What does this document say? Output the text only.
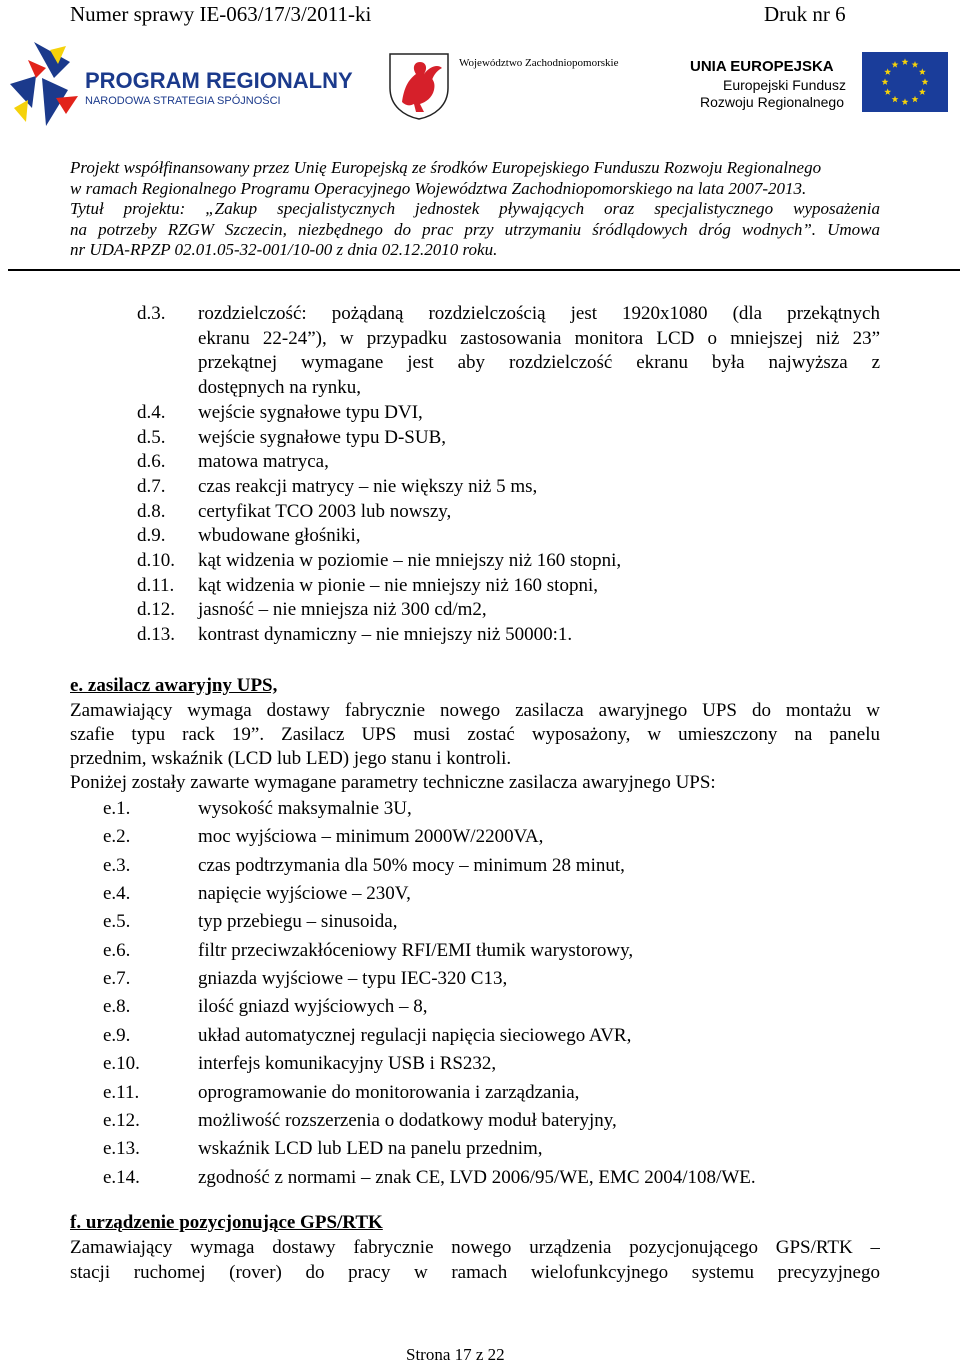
Numer sprawy IE-063/17/3/2011-ki	Druk nr 6
PROGRAM REGIONALNY
NARODOWA STRATEGIA SPÓJNOŚCI
Województwo Zachodniopomorskie	UNIA EUROPEJSKA
Europejski Fundusz
Rozwoju Regionalnego
Projekt współfinansowany przez Unię Europejską ze środków Europejskiego Funduszu Rozwoju Regionalnego
w ramach Regionalnego Programu Operacyjnego Województwa Zachodniopomorskiego na lata 2007-2013.
Tytuł projektu: „Zakup specjalistycznych jednostek pływających oraz specjalistycznego wyposażenia
na potrzeby RZGW Szczecin, niezbędnego do prac przy utrzymaniu śródlądowych dróg wodnych”. Umowa
nr UDA-RPZP 02.01.05-32-001/10-00 z dnia 02.12.2010 roku.
d.3. rozdzielczość: pożądaną rozdzielczością jest 1920x1080 (dla przekątnych
ekranu 22-24”), w przypadku zastosowania monitora LCD o mniejszej niż 23”
przekątnej wymagane jest aby rozdzielczość ekranu była najwyższa z
dostępnych na rynku,
d.4. wejście sygnałowe typu DVI,
d.5. wejście sygnałowe typu D-SUB,
d.6. matowa matryca,
d.7. czas reakcji matrycy – nie większy niż 5 ms,
d.8. certyfikat TCO 2003 lub nowszy,
d.9. wbudowane głośniki,
d.10. kąt widzenia w poziomie – nie mniejszy niż 160 stopni,
d.11. kąt widzenia w pionie – nie mniejszy niż 160 stopni,
d.12. jasność – nie mniejsza niż 300 cd/m2,
d.13. kontrast dynamiczny – nie mniejszy niż 50000:1.
e. zasilacz awaryjny UPS,
Zamawiający wymaga dostawy fabrycznie nowego zasilacza awaryjnego UPS do montażu w
szafie typu rack 19”. Zasilacz UPS musi zostać wyposażony, w umieszczony na panelu
przednim, wskaźnik (LCD lub LED) jego stanu i kontroli.
Poniżej zostały zawarte wymagane parametry techniczne zasilacza awaryjnego UPS:
e.1.	wysokość maksymalnie 3U,
e.2.	moc wyjściowa – minimum 2000W/2200VA,
e.3.	czas podtrzymania dla 50% mocy – minimum 28 minut,
e.4.	napięcie wyjściowe – 230V,
e.5.	typ przebiegu – sinusoida,
e.6.	filtr przeciwzakłóceniowy RFI/EMI tłumik warystorowy,
e.7.	gniazda wyjściowe – typu IEC-320 C13,
e.8.	ilość gniazd wyjściowych – 8,
e.9.	układ automatycznej regulacji napięcia sieciowego AVR,
e.10.	interfejs komunikacyjny USB i RS232,
e.11.	oprogramowanie do monitorowania i zarządzania,
e.12.	możliwość rozszerzenia o dodatkowy moduł bateryjny,
e.13.	wskaźnik LCD lub LED na panelu przednim,
e.14.	zgodność z normami – znak CE, LVD 2006/95/WE, EMC 2004/108/WE.
f. urządzenie pozycjonujące GPS/RTK
Zamawiający wymaga dostawy fabrycznie nowego urządzenia pozycjonującego GPS/RTK –
stacji ruchomej (rover) do pracy w ramach wielofunkcyjnego systemu precyzyjnego
Strona 17 z 22
